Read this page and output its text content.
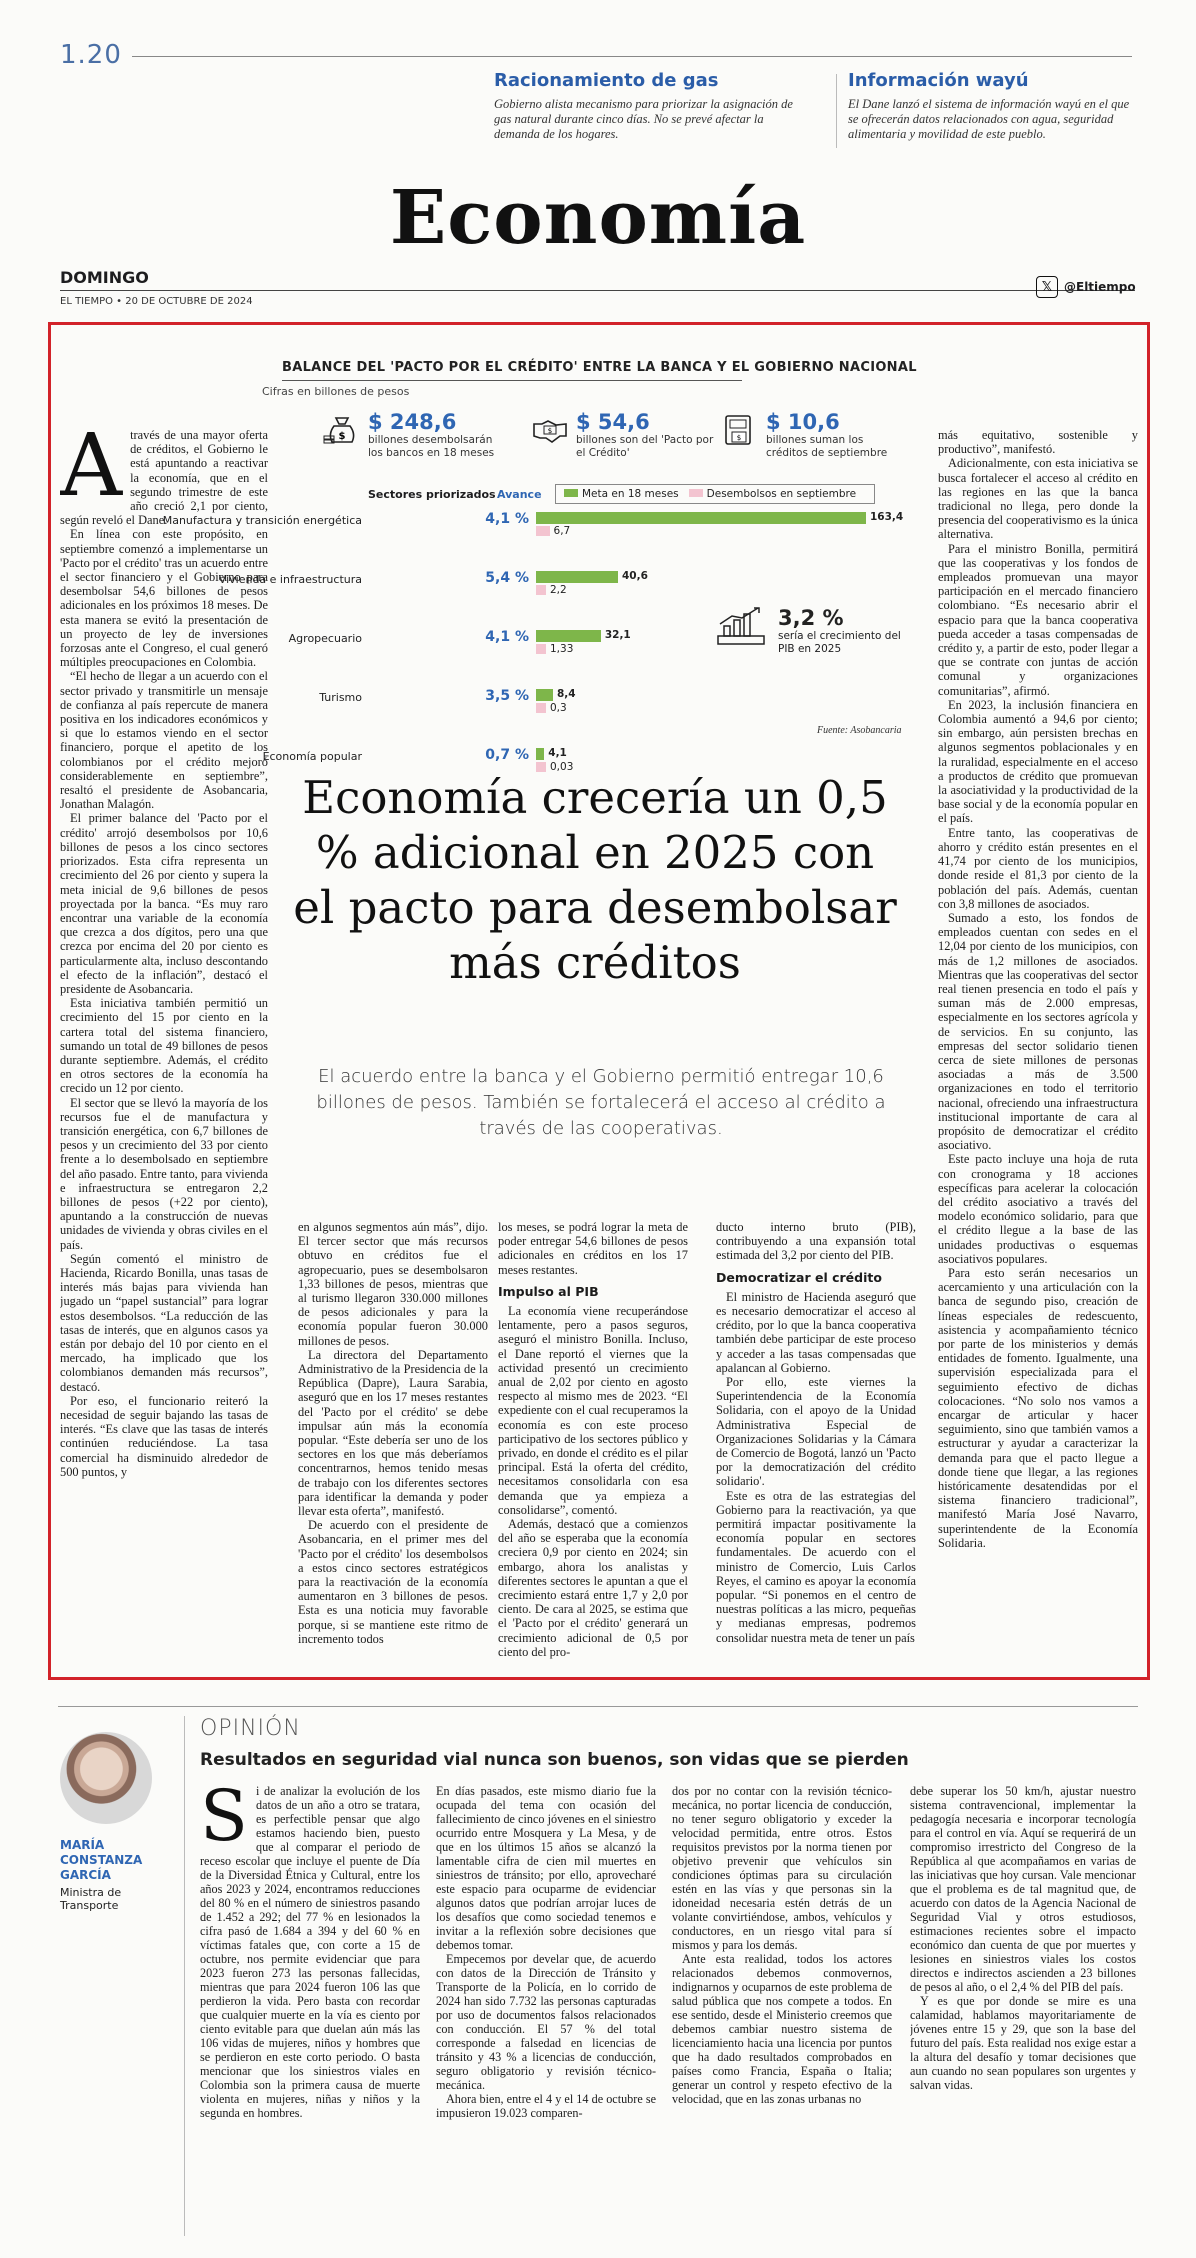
1.20
Racionamiento de gas

Gobierno alista mecanismo para priorizar la asignación de gas natural durante cinco días. No se prevé afectar la demanda de los hogares.

Información wayú

El Dane lanzó el sistema de información wayú en el que se ofrecerán datos relacionados con agua, seguridad alimentaria y movilidad de este pueblo.

Economía
DOMINGO
EL TIEMPO • 20 DE OCTUBRE DE 2024
𝕏 @Eltiempo
BALANCE DEL 'PACTO POR EL CRÉDITO' ENTRE LA BANCA Y EL GOBIERNO NACIONAL
Cifras en billones de pesos
$
$ 248,6
billones desembolsarán los bancos en 18 meses
$ $ 54,6
billones son del 'Pacto por el Crédito'
$
$ 10,6
billones suman los créditos de septiembre
Sectores priorizados Avance	Meta en 18 meses	Desembolsos en septiembre
Manufactura y transición energética	4,1 %	163,4
6,7
Vivienda e infraestructura	5,4 %	40,6
2,2
Agropecuario	4,1 %	32,1
1,33
Turismo	3,5 %	8,4
0,3
Economía popular	0,7 % 4,1
0,03
3,2 %
sería el crecimiento del PIB en 2025
Fuente: Asobancaria
Economía crecería un 0,5 % adicional en 2025 con el pacto para desembolsar más créditos
El acuerdo entre la banca y el Gobierno permitió entregar 10,6 billones de pesos. También se fortalecerá el acceso al crédito a través de las cooperativas.
A través de una mayor oferta de créditos, el Gobierno le está apuntando a reactivar la economía, que en el segundo trimestre de este año creció 2,1 por ciento, según reveló el Dane.

En línea con este propósito, en septiembre comenzó a implementarse un 'Pacto por el crédito' tras un acuerdo entre el sector financiero y el Gobierno para desembolsar 54,6 billones de pesos adicionales en los próximos 18 meses. De esta manera se evitó la presentación de un proyecto de ley de inversiones forzosas ante el Congreso, el cual generó múltiples preocupaciones en Colombia.

“El hecho de llegar a un acuerdo con el sector privado y transmitirle un mensaje de confianza al país repercute de manera positiva en los indicadores económicos y si que lo estamos viendo en el sector financiero, porque el apetito de los colombianos por el crédito mejoró considerablemente en septiembre”, resaltó el presidente de Asobancaria, Jonathan Malagón.

El primer balance del 'Pacto por el crédito' arrojó desembolsos por 10,6 billones de pesos a los cinco sectores priorizados. Esta cifra representa un crecimiento del 26 por ciento y supera la meta inicial de 9,6 billones de pesos proyectada por la banca. “Es muy raro encontrar una variable de la economía que crezca a dos dígitos, pero una que crezca por encima del 20 por ciento es particularmente alta, incluso descontando el efecto de la inflación”, destacó el presidente de Asobancaria.

Esta iniciativa también permitió un crecimiento del 15 por ciento en la cartera total del sistema financiero, sumando un total de 49 billones de pesos durante septiembre. Además, el crédito en otros sectores de la economía ha crecido un 12 por ciento.

El sector que se llevó la mayoría de los recursos fue el de manufactura y transición energética, con 6,7 billones de pesos y un crecimiento del 33 por ciento frente a lo desembolsado en septiembre del año pasado. Entre tanto, para vivienda e infraestructura se entregaron 2,2 billones de pesos (+22 por ciento), apuntando a la construcción de nuevas unidades de vivienda y obras civiles en el país.

Según comentó el ministro de Hacienda, Ricardo Bonilla, unas tasas de interés más bajas para vivienda han jugado un “papel sustancial” para lograr estos desembolsos. “La reducción de las tasas de interés, que en algunos casos ya están por debajo del 10 por ciento en el mercado, ha implicado que los colombianos demanden más recursos”, destacó.

Por eso, el funcionario reiteró la necesidad de seguir bajando las tasas de interés. “Es clave que las tasas de interés continúen reduciéndose. La tasa comercial ha disminuido alrededor de 500 puntos, y

en algunos segmentos aún más”, dijo. El tercer sector que más recursos obtuvo en créditos fue el agropecuario, pues se desembolsaron 1,33 billones de pesos, mientras que al turismo llegaron 330.000 millones de pesos adicionales y para la economía popular fueron 30.000 millones de pesos.

La directora del Departamento Administrativo de la Presidencia de la República (Dapre), Laura Sarabia, aseguró que en los 17 meses restantes del 'Pacto por el crédito' se debe impulsar aún más la economía popular. “Este debería ser uno de los sectores en los que más deberíamos concentrarnos, hemos tenido mesas de trabajo con los diferentes sectores para identificar la demanda y poder llevar esta oferta”, manifestó.

De acuerdo con el presidente de Asobancaria, en el primer mes del 'Pacto por el crédito' los desembolsos a estos cinco sectores estratégicos para la reactivación de la economía aumentaron en 3 billones de pesos. Esta es una noticia muy favorable porque, si se mantiene este ritmo de incremento todos

los meses, se podrá lograr la meta de poder entregar 54,6 billones de pesos adicionales en créditos en los 17 meses restantes.

Impulso al PIB

La economía viene recuperándose lentamente, pero a pasos seguros, aseguró el ministro Bonilla. Incluso, el Dane reportó el viernes que la actividad presentó un crecimiento anual de 2,02 por ciento en agosto respecto al mismo mes de 2023. “El expediente con el cual recuperamos la economía es con este proceso participativo de los sectores público y privado, en donde el crédito es el pilar principal. Está la oferta del crédito, necesitamos consolidarla con esa demanda que ya empieza a consolidarse”, comentó.

Además, destacó que a comienzos del año se esperaba que la economía creciera 0,9 por ciento en 2024; sin embargo, ahora los analistas y diferentes sectores le apuntan a que el crecimiento estará entre 1,7 y 2,0 por ciento. De cara al 2025, se estima que el 'Pacto por el crédito' generará un crecimiento adicional de 0,5 por ciento del pro-

ducto interno bruto (PIB), contribuyendo a una expansión total estimada del 3,2 por ciento del PIB.

Democratizar el crédito

El ministro de Hacienda aseguró que es necesario democratizar el acceso al crédito, por lo que la banca cooperativa también debe participar de este proceso y acceder a las tasas compensadas que apalancan al Gobierno.

Por ello, este viernes la Superintendencia de la Economía Solidaria, con el apoyo de la Unidad Administrativa Especial de Organizaciones Solidarias y la Cámara de Comercio de Bogotá, lanzó un 'Pacto por la democratización del crédito solidario'.

Este es otra de las estrategias del Gobierno para la reactivación, ya que permitirá impactar positivamente la economía popular en sectores fundamentales. De acuerdo con el ministro de Comercio, Luis Carlos Reyes, el camino es apoyar la economía popular. “Si ponemos en el centro de nuestras políticas a las micro, pequeñas y medianas empresas, podremos consolidar nuestra meta de tener un país

más equitativo, sostenible y productivo”, manifestó.

Adicionalmente, con esta iniciativa se busca fortalecer el acceso al crédito en las regiones en las que la banca tradicional no llega, pero donde la presencia del cooperativismo es la única alternativa.

Para el ministro Bonilla, permitirá que las cooperativas y los fondos de empleados promuevan una mayor participación en el mercado financiero colombiano. “Es necesario abrir el espacio para que la banca cooperativa pueda acceder a tasas compensadas de crédito y, a partir de esto, poder llegar a que se contrate con juntas de acción comunal y organizaciones comunitarias”, afirmó.

En 2023, la inclusión financiera en Colombia aumentó a 94,6 por ciento; sin embargo, aún persisten brechas en algunos segmentos poblacionales y en la ruralidad, especialmente en el acceso a productos de crédito que promuevan la asociatividad y la productividad de la base social y de la economía popular en el país.

Entre tanto, las cooperativas de ahorro y crédito están presentes en el 41,74 por ciento de los municipios, donde reside el 81,3 por ciento de la población del país. Además, cuentan con 3,8 millones de asociados.

Sumado a esto, los fondos de empleados cuentan con sedes en el 12,04 por ciento de los municipios, con más de 1,2 millones de asociados. Mientras que las cooperativas del sector real tienen presencia en todo el país y suman más de 2.000 empresas, especialmente en los sectores agrícola y de servicios. En su conjunto, las empresas del sector solidario tienen cerca de siete millones de personas asociadas a más de 3.500 organizaciones en todo el territorio nacional, ofreciendo una infraestructura institucional importante de cara al propósito de democratizar el crédito asociativo.

Este pacto incluye una hoja de ruta con cronograma y 18 acciones específicas para acelerar la colocación del crédito asociativo a través del modelo económico solidario, para que el crédito llegue a la base de las unidades productivas o esquemas asociativos populares.

Para esto serán necesarios un acercamiento y una articulación con la banca de segundo piso, creación de líneas especiales de redescuento, asistencia y acompañamiento técnico por parte de los ministerios y demás entidades de fomento. Igualmente, una supervisión especializada para el seguimiento efectivo de dichas colocaciones. “No solo nos vamos a encargar de articular y hacer seguimiento, sino que también vamos a estructurar y ayudar a caracterizar la demanda para que el pacto llegue a donde tiene que llegar, a las regiones históricamente desatendidas por el sistema financiero tradicional”, manifestó María José Navarro, superintendente de la Economía Solidaria.

MARÍA CONSTANZA GARCÍA
Ministra de Transporte
OPINIÓN
Resultados en seguridad vial nunca son buenos, son vidas que se pierden
S i de analizar la evolución de los datos de un año a otro se tratara, es perfectible pensar que algo estamos haciendo bien, puesto que al comparar el periodo de receso escolar que incluye el puente de Día de la Diversidad Étnica y Cultural, entre los años 2023 y 2024, encontramos reducciones del 80 % en el número de siniestros pasando de 1.452 a 292; del 77 % en lesionados la cifra pasó de 1.684 a 394 y del 60 % en víctimas fatales que, con corte a 15 de octubre, nos permite evidenciar que para 2023 fueron 273 las personas fallecidas, mientras que para 2024 fueron 106 las que perdieron la vida. Pero basta con recordar que cualquier muerte en la vía es ciento por ciento evitable para que duelan aún más las 106 vidas de mujeres, niños y hombres que se perdieron en este corto periodo. O basta mencionar que los siniestros viales en Colombia son la primera causa de muerte violenta en mujeres, niñas y niños y la segunda en hombres.

En días pasados, este mismo diario fue la ocupada del tema con ocasión del fallecimiento de cinco jóvenes en el siniestro ocurrido entre Mosquera y La Mesa, y de que en los últimos 15 años se alcanzó la lamentable cifra de cien mil muertes en siniestros de tránsito; por ello, aprovecharé este espacio para ocuparme de evidenciar algunos datos que podrían arrojar luces de los desafíos que como sociedad tenemos e invitar a la reflexión sobre decisiones que debemos tomar.

Empecemos por develar que, de acuerdo con datos de la Dirección de Tránsito y Transporte de la Policía, en lo corrido de 2024 han sido 7.732 las personas capturadas por uso de documentos falsos relacionados con conducción. El 57 % del total corresponde a falsedad en licencias de tránsito y 43 % a licencias de conducción, seguro obligatorio y revisión técnico-mecánica.

Ahora bien, entre el 4 y el 14 de octubre se impusieron 19.023 comparen-

dos por no contar con la revisión técnico-mecánica, no portar licencia de conducción, no tener seguro obligatorio y exceder la velocidad permitida, entre otros. Estos requisitos previstos por la norma tienen por objetivo prevenir que vehículos sin condiciones óptimas para su circulación estén en las vías y que personas sin la idoneidad necesaria estén detrás de un volante convirtiéndose, ambos, vehículos y conductores, en un riesgo vital para sí mismos y para los demás.

Ante esta realidad, todos los actores relacionados debemos conmovernos, indignarnos y ocuparnos de este problema de salud pública que nos compete a todos. En ese sentido, desde el Ministerio creemos que debemos cambiar nuestro sistema de licenciamiento hacia una licencia por puntos que ha dado resultados comprobados en países como Francia, España o Italia; generar un control y respeto efectivo de la velocidad, que en las zonas urbanas no

debe superar los 50 km/h, ajustar nuestro sistema contravencional, implementar la pedagogía necesaria e incorporar tecnología para el control en vía. Aquí se requerirá de un compromiso irrestricto del Congreso de la República al que acompañamos en varias de las iniciativas que hoy cursan. Vale mencionar que el problema es de tal magnitud que, de acuerdo con datos de la Agencia Nacional de Seguridad Vial y otros estudiosos, estimaciones recientes sobre el impacto económico dan cuenta de que por muertes y lesiones en siniestros viales los costos directos e indirectos ascienden a 23 billones de pesos al año, o el 2,4 % del PIB del país.

Y es que por donde se mire es una calamidad, hablamos mayoritariamente de jóvenes entre 15 y 29, que son la base del futuro del país. Esta realidad nos exige estar a la altura del desafío y tomar decisiones que aun cuando no sean populares son urgentes y salvan vidas.
